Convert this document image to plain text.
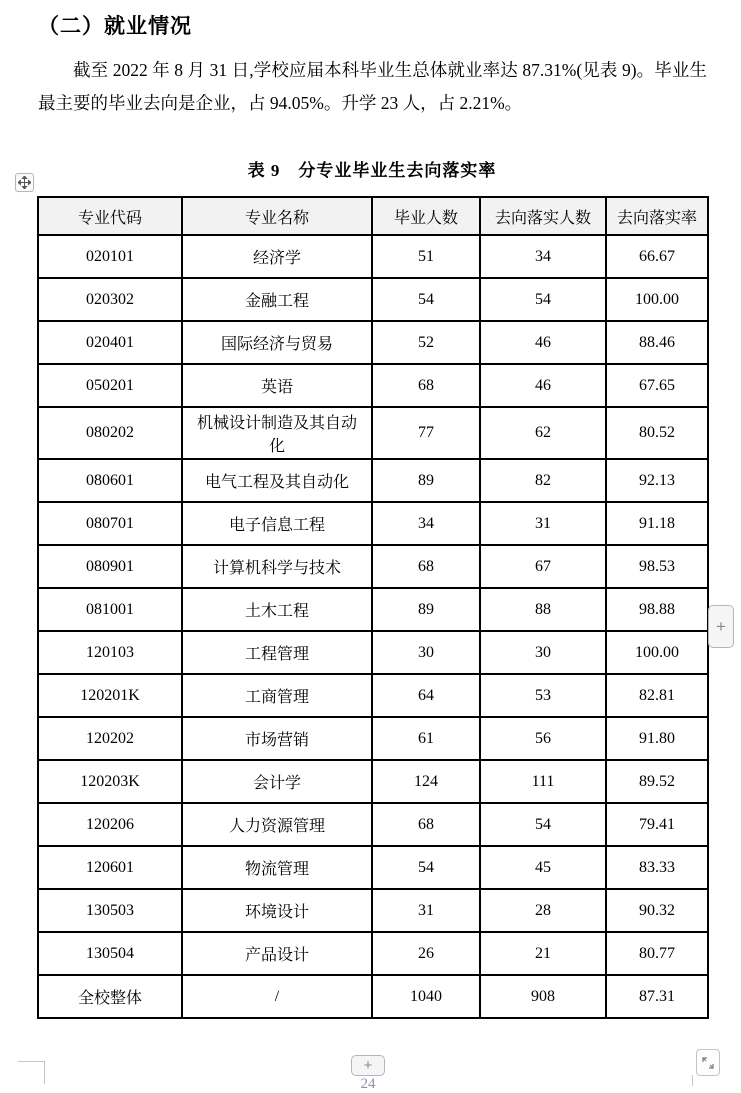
（二）就业情况

截至 2022 年 8 月 31 日,学校应届本科毕业生总体就业率达 87.31%(见表 9)。毕业生最主要的毕业去向是企业，占 94.05%。升学 23 人，占 2.21%。

表 9　分专业毕业生去向落实率
专业代码	专业名称	毕业人数	去向落实人数	去向落实率
020101	经济学	51	34	66.67
020302	金融工程	54	54	100.00
020401	国际经济与贸易	52	46	88.46
050201	英语	68	46	67.65
080202	机械设计制造及其自动化	77	62	80.52
080601	电气工程及其自动化	89	82	92.13
080701	电子信息工程	34	31	91.18
080901	计算机科学与技术	68	67	98.53
081001	土木工程	89	88	98.88
120103	工程管理	30	30	100.00
120201K	工商管理	64	53	82.81
120202	市场营销	61	56	91.80
120203K	会计学	124	111	89.52
120206	人力资源管理	68	54	79.41
120601	物流管理	54	45	83.33
130503	环境设计	31	28	90.32
130504	产品设计	26	21	80.77
全校整体	/	1040	908	87.31
+
+
24
